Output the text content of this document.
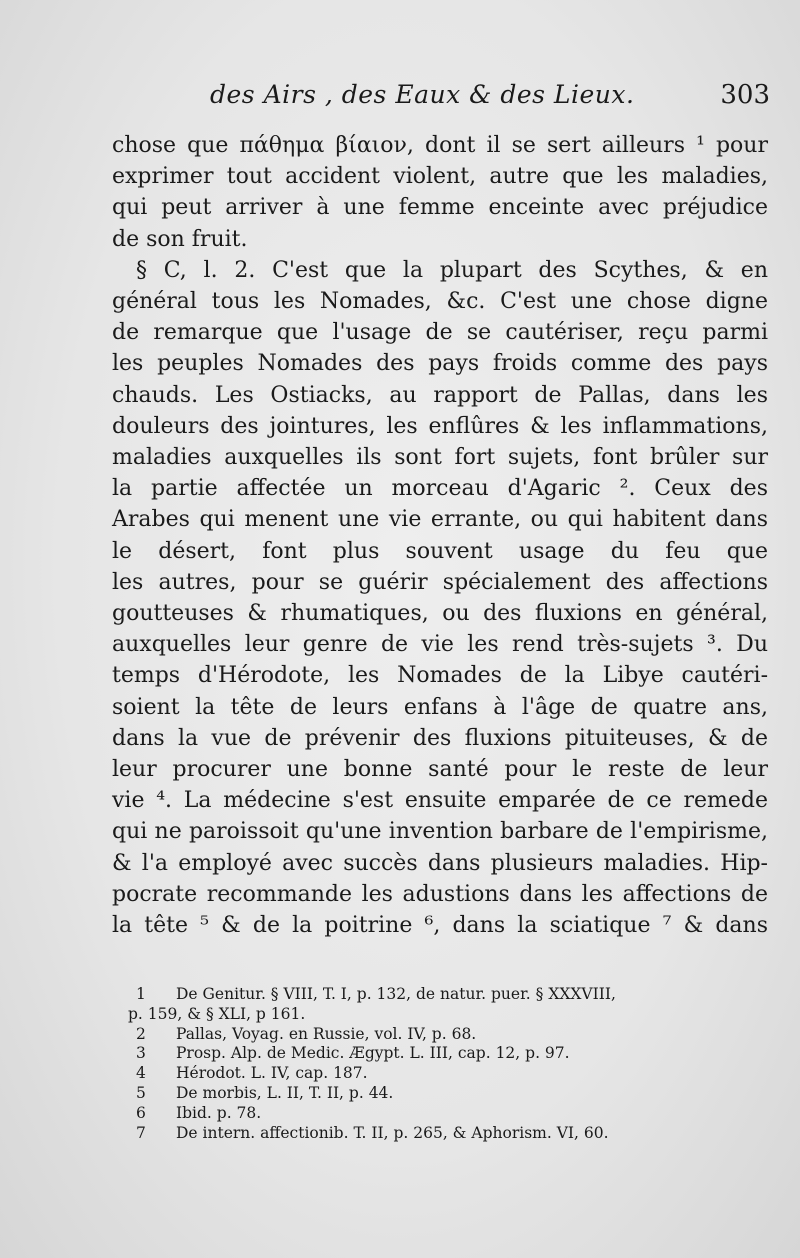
des Airs , des Eaux & des Lieux.	303
chose que πάθημα βίαιον, dont il se sert ailleurs ¹ pour
exprimer tout accident violent, autre que les maladies,
qui peut arriver à une femme enceinte avec préjudice
de son fruit.
§ C, l. 2. C'est que la plupart des Scythes, & en
général tous les Nomades, &c. C'est une chose digne
de remarque que l'usage de se cautériser, reçu parmi
les peuples Nomades des pays froids comme des pays
chauds. Les Ostiacks, au rapport de Pallas, dans les
douleurs des jointures, les enflûres & les inflammations,
maladies auxquelles ils sont fort sujets, font brûler sur
la partie affectée un morceau d'Agaric ². Ceux des
Arabes qui menent une vie errante, ou qui habitent dans
le désert, font plus souvent usage du feu que
les autres, pour se guérir spécialement des affections
goutteuses & rhumatiques, ou des fluxions en général,
auxquelles leur genre de vie les rend très-sujets ³. Du
temps d'Hérodote, les Nomades de la Libye cautéri-
soient la tête de leurs enfans à l'âge de quatre ans,
dans la vue de prévenir des fluxions pituiteuses, & de
leur procurer une bonne santé pour le reste de leur
vie ⁴. La médecine s'est ensuite emparée de ce remede
qui ne paroissoit qu'une invention barbare de l'empirisme,
& l'a employé avec succès dans plusieurs maladies. Hip-
pocrate recommande les adustions dans les affections de
la tête ⁵ & de la poitrine ⁶, dans la sciatique ⁷ & dans
1 De Genitur. § VIII, T. I, p. 132, de natur. puer. § XXXVIII,
p. 159, & § XLI, p 161.
2 Pallas, Voyag. en Russie, vol. IV, p. 68.
3 Prosp. Alp. de Medic. Ægypt. L. III, cap. 12, p. 97.
4 Hérodot. L. IV, cap. 187.
5 De morbis, L. II, T. II, p. 44.
6 Ibid. p. 78.
7 De intern. affectionib. T. II, p. 265, & Aphorism. VI, 60.
